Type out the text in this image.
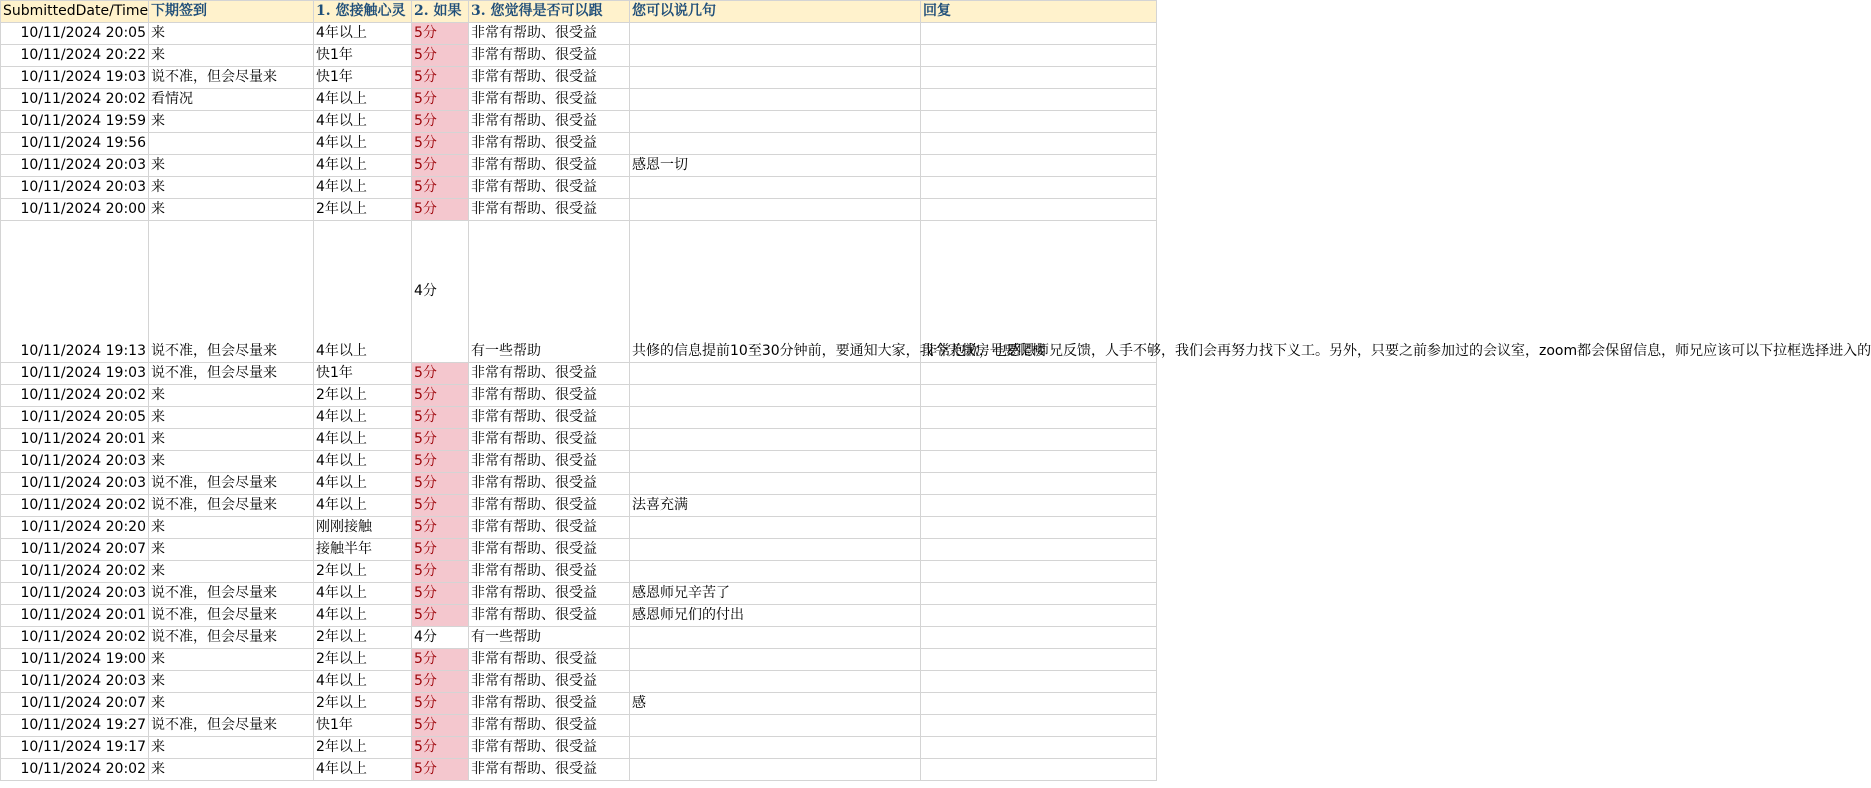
SubmittedDate/Time	下期签到	1. 您接触心灵	2. 如果	3. 您觉得是否可以跟	您可以说几句	回复
10/11/2024 20:05	来	4年以上	5分	非常有帮助、很受益		
10/11/2024 20:22	来	快1年	5分	非常有帮助、很受益		
10/11/2024 19:03	说不准，但会尽量来	快1年	5分	非常有帮助、很受益		
10/11/2024 20:02	看情况	4年以上	5分	非常有帮助、很受益		
10/11/2024 19:59	来	4年以上	5分	非常有帮助、很受益		
10/11/2024 19:56		4年以上	5分	非常有帮助、很受益		
10/11/2024 20:03	来	4年以上	5分	非常有帮助、很受益	感恩一切	
10/11/2024 20:03	来	4年以上	5分	非常有帮助、很受益		
10/11/2024 20:00	来	2年以上	5分	非常有帮助、很受益		
10/11/2024 19:13	说不准，但会尽量来	4年以上	4分	有一些帮助	共修的信息提前10至30分钟前，要通知大家，我今天找房号要爬楼	非常抱歉，也感恩师兄反馈，人手不够，我们会再努力找下义工。另外，只要之前参加过的会议室，zoom都会保留信息，师兄应该可以下拉框选择进入的
10/11/2024 19:03	说不准，但会尽量来	快1年	5分	非常有帮助、很受益		
10/11/2024 20:02	来	2年以上	5分	非常有帮助、很受益		
10/11/2024 20:05	来	4年以上	5分	非常有帮助、很受益		
10/11/2024 20:01	来	4年以上	5分	非常有帮助、很受益		
10/11/2024 20:03	来	4年以上	5分	非常有帮助、很受益		
10/11/2024 20:03	说不准，但会尽量来	4年以上	5分	非常有帮助、很受益		
10/11/2024 20:02	说不准，但会尽量来	4年以上	5分	非常有帮助、很受益	法喜充满	
10/11/2024 20:20	来	刚刚接触	5分	非常有帮助、很受益		
10/11/2024 20:07	来	接触半年	5分	非常有帮助、很受益		
10/11/2024 20:02	来	2年以上	5分	非常有帮助、很受益		
10/11/2024 20:03	说不准，但会尽量来	4年以上	5分	非常有帮助、很受益	感恩师兄辛苦了	
10/11/2024 20:01	说不准，但会尽量来	4年以上	5分	非常有帮助、很受益	感恩师兄们的付出	
10/11/2024 20:02	说不准，但会尽量来	2年以上	4分	有一些帮助		
10/11/2024 19:00	来	2年以上	5分	非常有帮助、很受益		
10/11/2024 20:03	来	4年以上	5分	非常有帮助、很受益		
10/11/2024 20:07	来	2年以上	5分	非常有帮助、很受益	感	
10/11/2024 19:27	说不准，但会尽量来	快1年	5分	非常有帮助、很受益		
10/11/2024 19:17	来	2年以上	5分	非常有帮助、很受益		
10/11/2024 20:02	来	4年以上	5分	非常有帮助、很受益		
